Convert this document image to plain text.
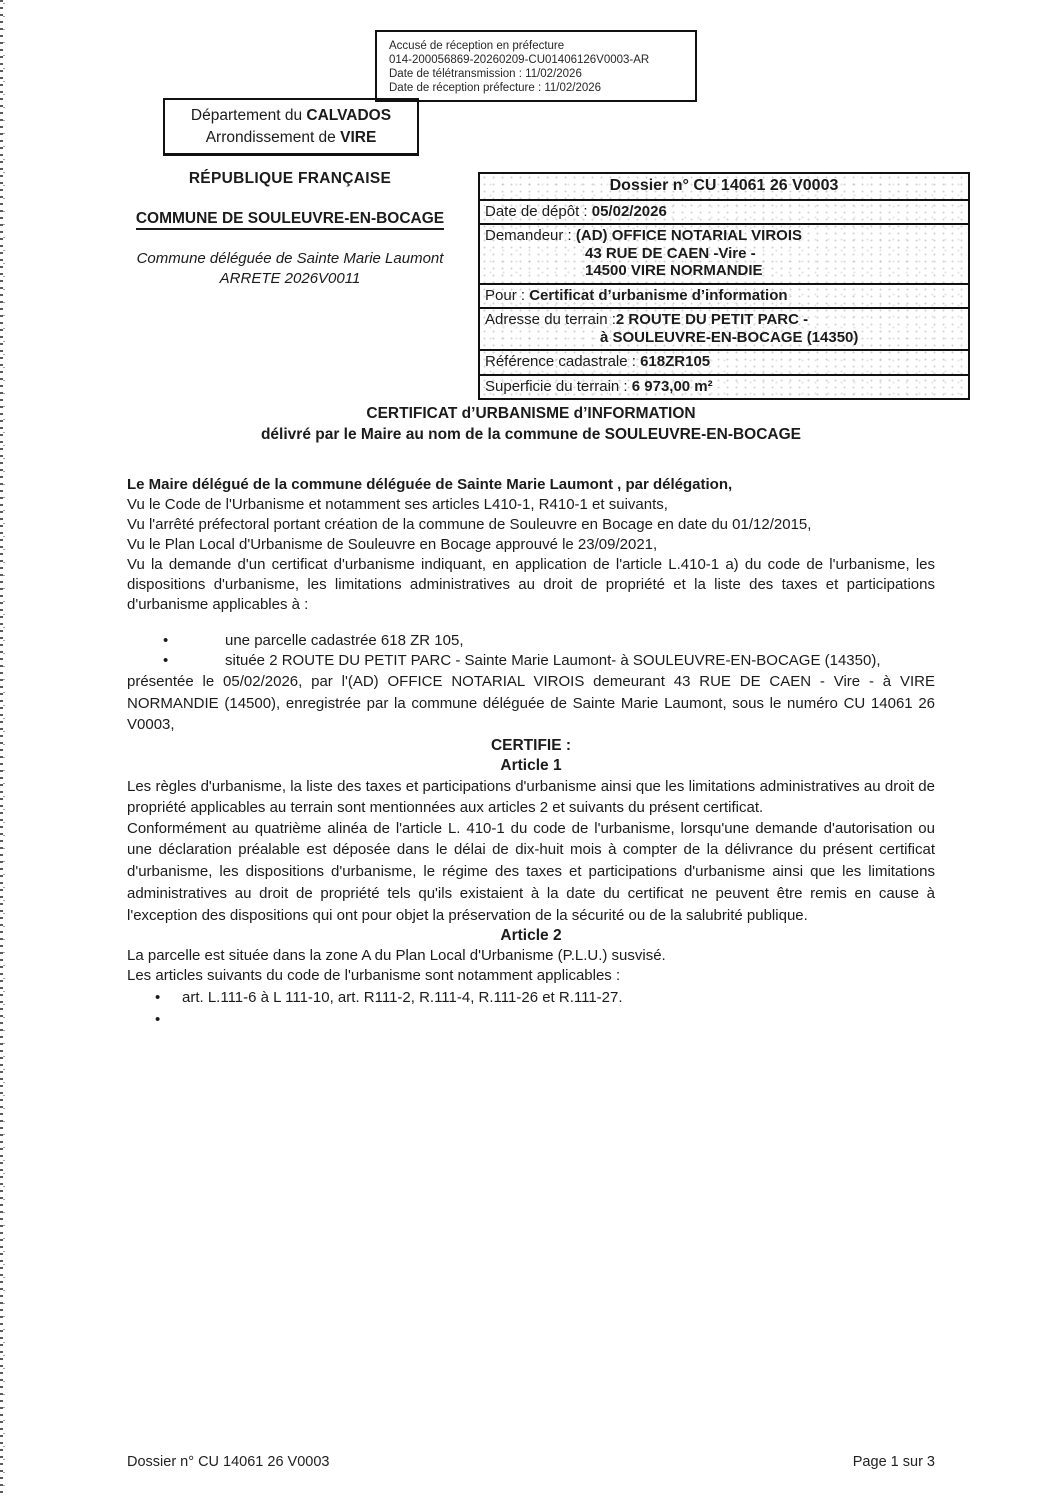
Accusé de réception en préfecture
014-200056869-20260209-CU01406126V0003-AR
Date de télétransmission : 11/02/2026
Date de réception préfecture : 11/02/2026
Département du CALVADOS
Arrondissement de VIRE
RÉPUBLIQUE FRANÇAISE
COMMUNE DE SOULEUVRE-EN-BOCAGE
Commune déléguée de Sainte Marie Laumont
ARRETE 2026V0011
Dossier n° CU 14061 26 V0003
Date de dépôt : 05/02/2026
Demandeur : (AD) OFFICE NOTARIAL VIROIS
43 RUE DE CAEN -Vire -
14500 VIRE NORMANDIE
Pour : Certificat d’urbanisme d’information
Adresse du terrain :2 ROUTE DU PETIT PARC -
à SOULEUVRE-EN-BOCAGE (14350)
Référence cadastrale : 618ZR105
Superficie du terrain : 6 973,00 m²
CERTIFICAT d’URBANISME d’INFORMATION
délivré par le Maire au nom de la commune de SOULEUVRE-EN-BOCAGE

Le Maire délégué de la commune déléguée de Sainte Marie Laumont , par délégation,

Vu le Code de l'Urbanisme et notamment ses articles L410-1, R410-1 et suivants,

Vu l'arrêté préfectoral portant création de la commune de Souleuvre en Bocage en date du 01/12/2015,

Vu le Plan Local d'Urbanisme de Souleuvre en Bocage approuvé le 23/09/2021,

Vu la demande d'un certificat d'urbanisme indiquant, en application de l'article L.410-1 a) du code de l'urbanisme, les dispositions d'urbanisme, les limitations administratives au droit de propriété et la liste des taxes et participations d'urbanisme applicables à :

•	une parcelle cadastrée 618 ZR 105,
•	située 2 ROUTE DU PETIT PARC - Sainte Marie Laumont- à SOULEUVRE-EN-BOCAGE (14350),

présentée le 05/02/2026, par l'(AD) OFFICE NOTARIAL VIROIS demeurant 43 RUE DE CAEN - Vire - à VIRE NORMANDIE (14500), enregistrée par la commune déléguée de Sainte Marie Laumont, sous le numéro CU 14061 26 V0003,

CERTIFIE :

Article 1

Les règles d'urbanisme, la liste des taxes et participations d'urbanisme ainsi que les limitations administratives au droit de propriété applicables au terrain sont mentionnées aux articles 2 et suivants du présent certificat.

Conformément au quatrième alinéa de l'article L. 410-1 du code de l'urbanisme, lorsqu'une demande d'autorisation ou une déclaration préalable est déposée dans le délai de dix-huit mois à compter de la délivrance du présent certificat d'urbanisme, les dispositions d'urbanisme, le régime des taxes et participations d'urbanisme ainsi que les limitations administratives au droit de propriété tels qu'ils existaient à la date du certificat ne peuvent être remis en cause à l'exception des dispositions qui ont pour objet la préservation de la sécurité ou de la salubrité publique.

Article 2

La parcelle est située dans la zone A du Plan Local d'Urbanisme (P.L.U.) susvisé.

Les articles suivants du code de l'urbanisme sont notamment applicables :

• art. L.111-6 à L 111-10, art. R111-2, R.111-4, R.111-26 et R.111-27.
•
Dossier n° CU 14061 26 V0003	Page 1 sur 3
